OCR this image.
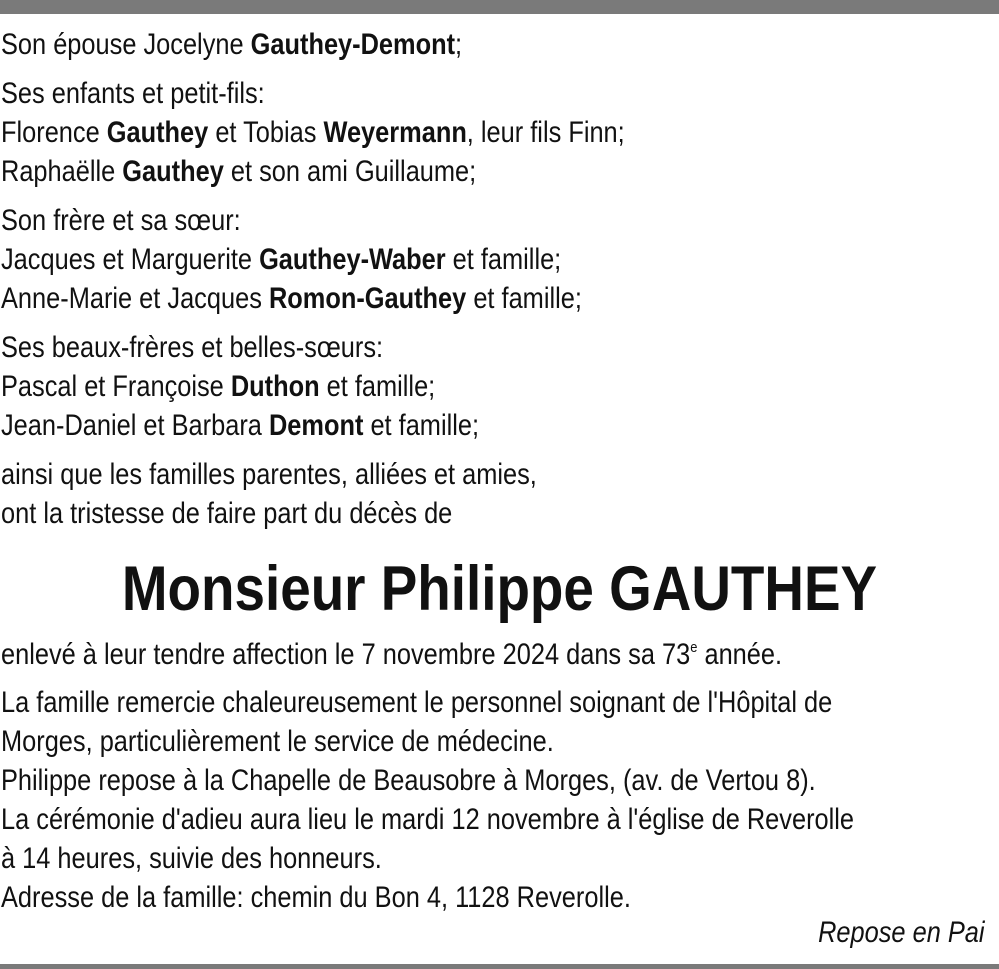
Son épouse Jocelyne Gauthey-Demont;
Ses enfants et petit-fils:
Florence Gauthey et Tobias Weyermann, leur fils Finn;
Raphaëlle Gauthey et son ami Guillaume;
Son frère et sa sœur:
Jacques et Marguerite Gauthey-Waber et famille;
Anne-Marie et Jacques Romon-Gauthey et famille;
Ses beaux-frères et belles-sœurs:
Pascal et Françoise Duthon et famille;
Jean-Daniel et Barbara Demont et famille;
ainsi que les familles parentes, alliées et amies,
ont la tristesse de faire part du décès de
Monsieur Philippe GAUTHEY
enlevé à leur tendre affection le 7 novembre 2024 dans sa 73e année.
La famille remercie chaleureusement le personnel soignant de l'Hôpital de
Morges, particulièrement le service de médecine.
Philippe repose à la Chapelle de Beausobre à Morges, (av. de Vertou 8).
La cérémonie d'adieu aura lieu le mardi 12 novembre à l'église de Reverolle
à 14 heures, suivie des honneurs.
Adresse de la famille: chemin du Bon 4, 1128 Reverolle.
Repose en Pai
